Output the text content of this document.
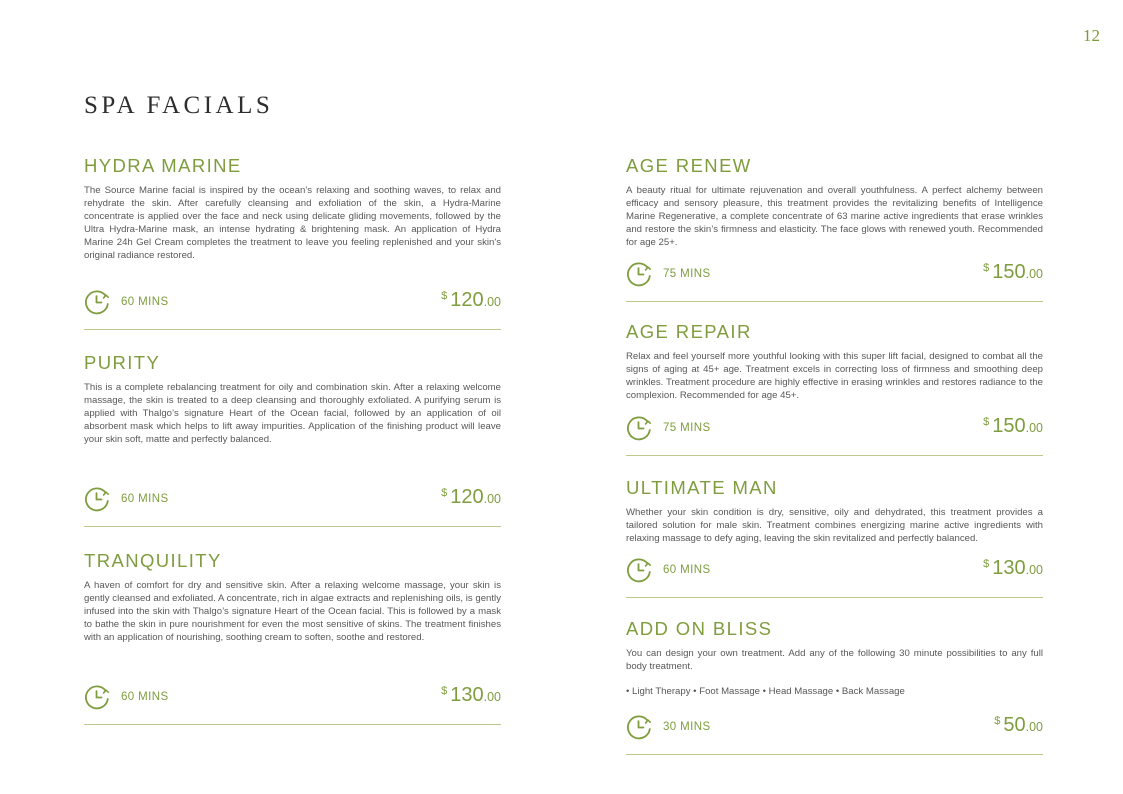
12
SPA FACIALS
HYDRA MARINE

The Source Marine facial is inspired by the ocean’s relaxing and soothing waves, to relax and rehydrate the skin. After carefully cleansing and exfoliation of the skin, a Hydra-Marine concentrate is applied over the face and neck using delicate gliding movements, followed by the Ultra Hydra-Marine mask, an intense hydrating & brightening mask. An application of Hydra Marine 24h Gel Cream completes the treatment to leave you feeling replenished and your skin's original radiance restored.

60 MINS	$ 120.00
PURITY

This is a complete rebalancing treatment for oily and combination skin. After a relaxing welcome massage, the skin is treated to a deep cleansing and thoroughly exfoliated. A purifying serum is applied with Thalgo’s signature Heart of the Ocean facial, followed by an application of oil absorbent mask which helps to lift away impurities. Application of the finishing product will leave your skin soft, matte and perfectly balanced.

60 MINS	$ 120.00
TRANQUILITY

A haven of comfort for dry and sensitive skin. After a relaxing welcome massage, your skin is gently cleansed and exfoliated. A concentrate, rich in algae extracts and replenishing oils, is gently infused into the skin with Thalgo’s signature Heart of the Ocean facial. This is followed by a mask to bathe the skin in pure nourishment for even the most sensitive of skins. The treatment finishes with an application of nourishing, soothing cream to soften, soothe and restored.

60 MINS	$ 130.00
AGE RENEW

A beauty ritual for ultimate rejuvenation and overall youthfulness. A perfect alchemy between efficacy and sensory pleasure, this treatment provides the revitalizing benefits of Intelligence Marine Regenerative, a complete concentrate of 63 marine active ingredients that erase wrinkles and restore the skin’s firmness and elasticity. The face glows with renewed youth. Recommended for age 25+.

75 MINS	$ 150.00
AGE REPAIR

Relax and feel yourself more youthful looking with this super lift facial, designed to combat all the signs of aging at 45+ age. Treatment excels in correcting loss of firmness and smoothing deep wrinkles. Treatment procedure are highly effective in erasing wrinkles and restores radiance to the complexion. Recommended for age 45+.

75 MINS	$ 150.00
ULTIMATE MAN

Whether your skin condition is dry, sensitive, oily and dehydrated, this treatment provides a tailored solution for male skin. Treatment combines energizing marine active ingredients with relaxing massage to defy aging, leaving the skin revitalized and perfectly balanced.

60 MINS	$ 130.00
ADD ON BLISS

You can design your own treatment. Add any of the following 30 minute possibilities to any full body treatment.

• Light Therapy • Foot Massage • Head Massage • Back Massage

30 MINS	$ 50.00
